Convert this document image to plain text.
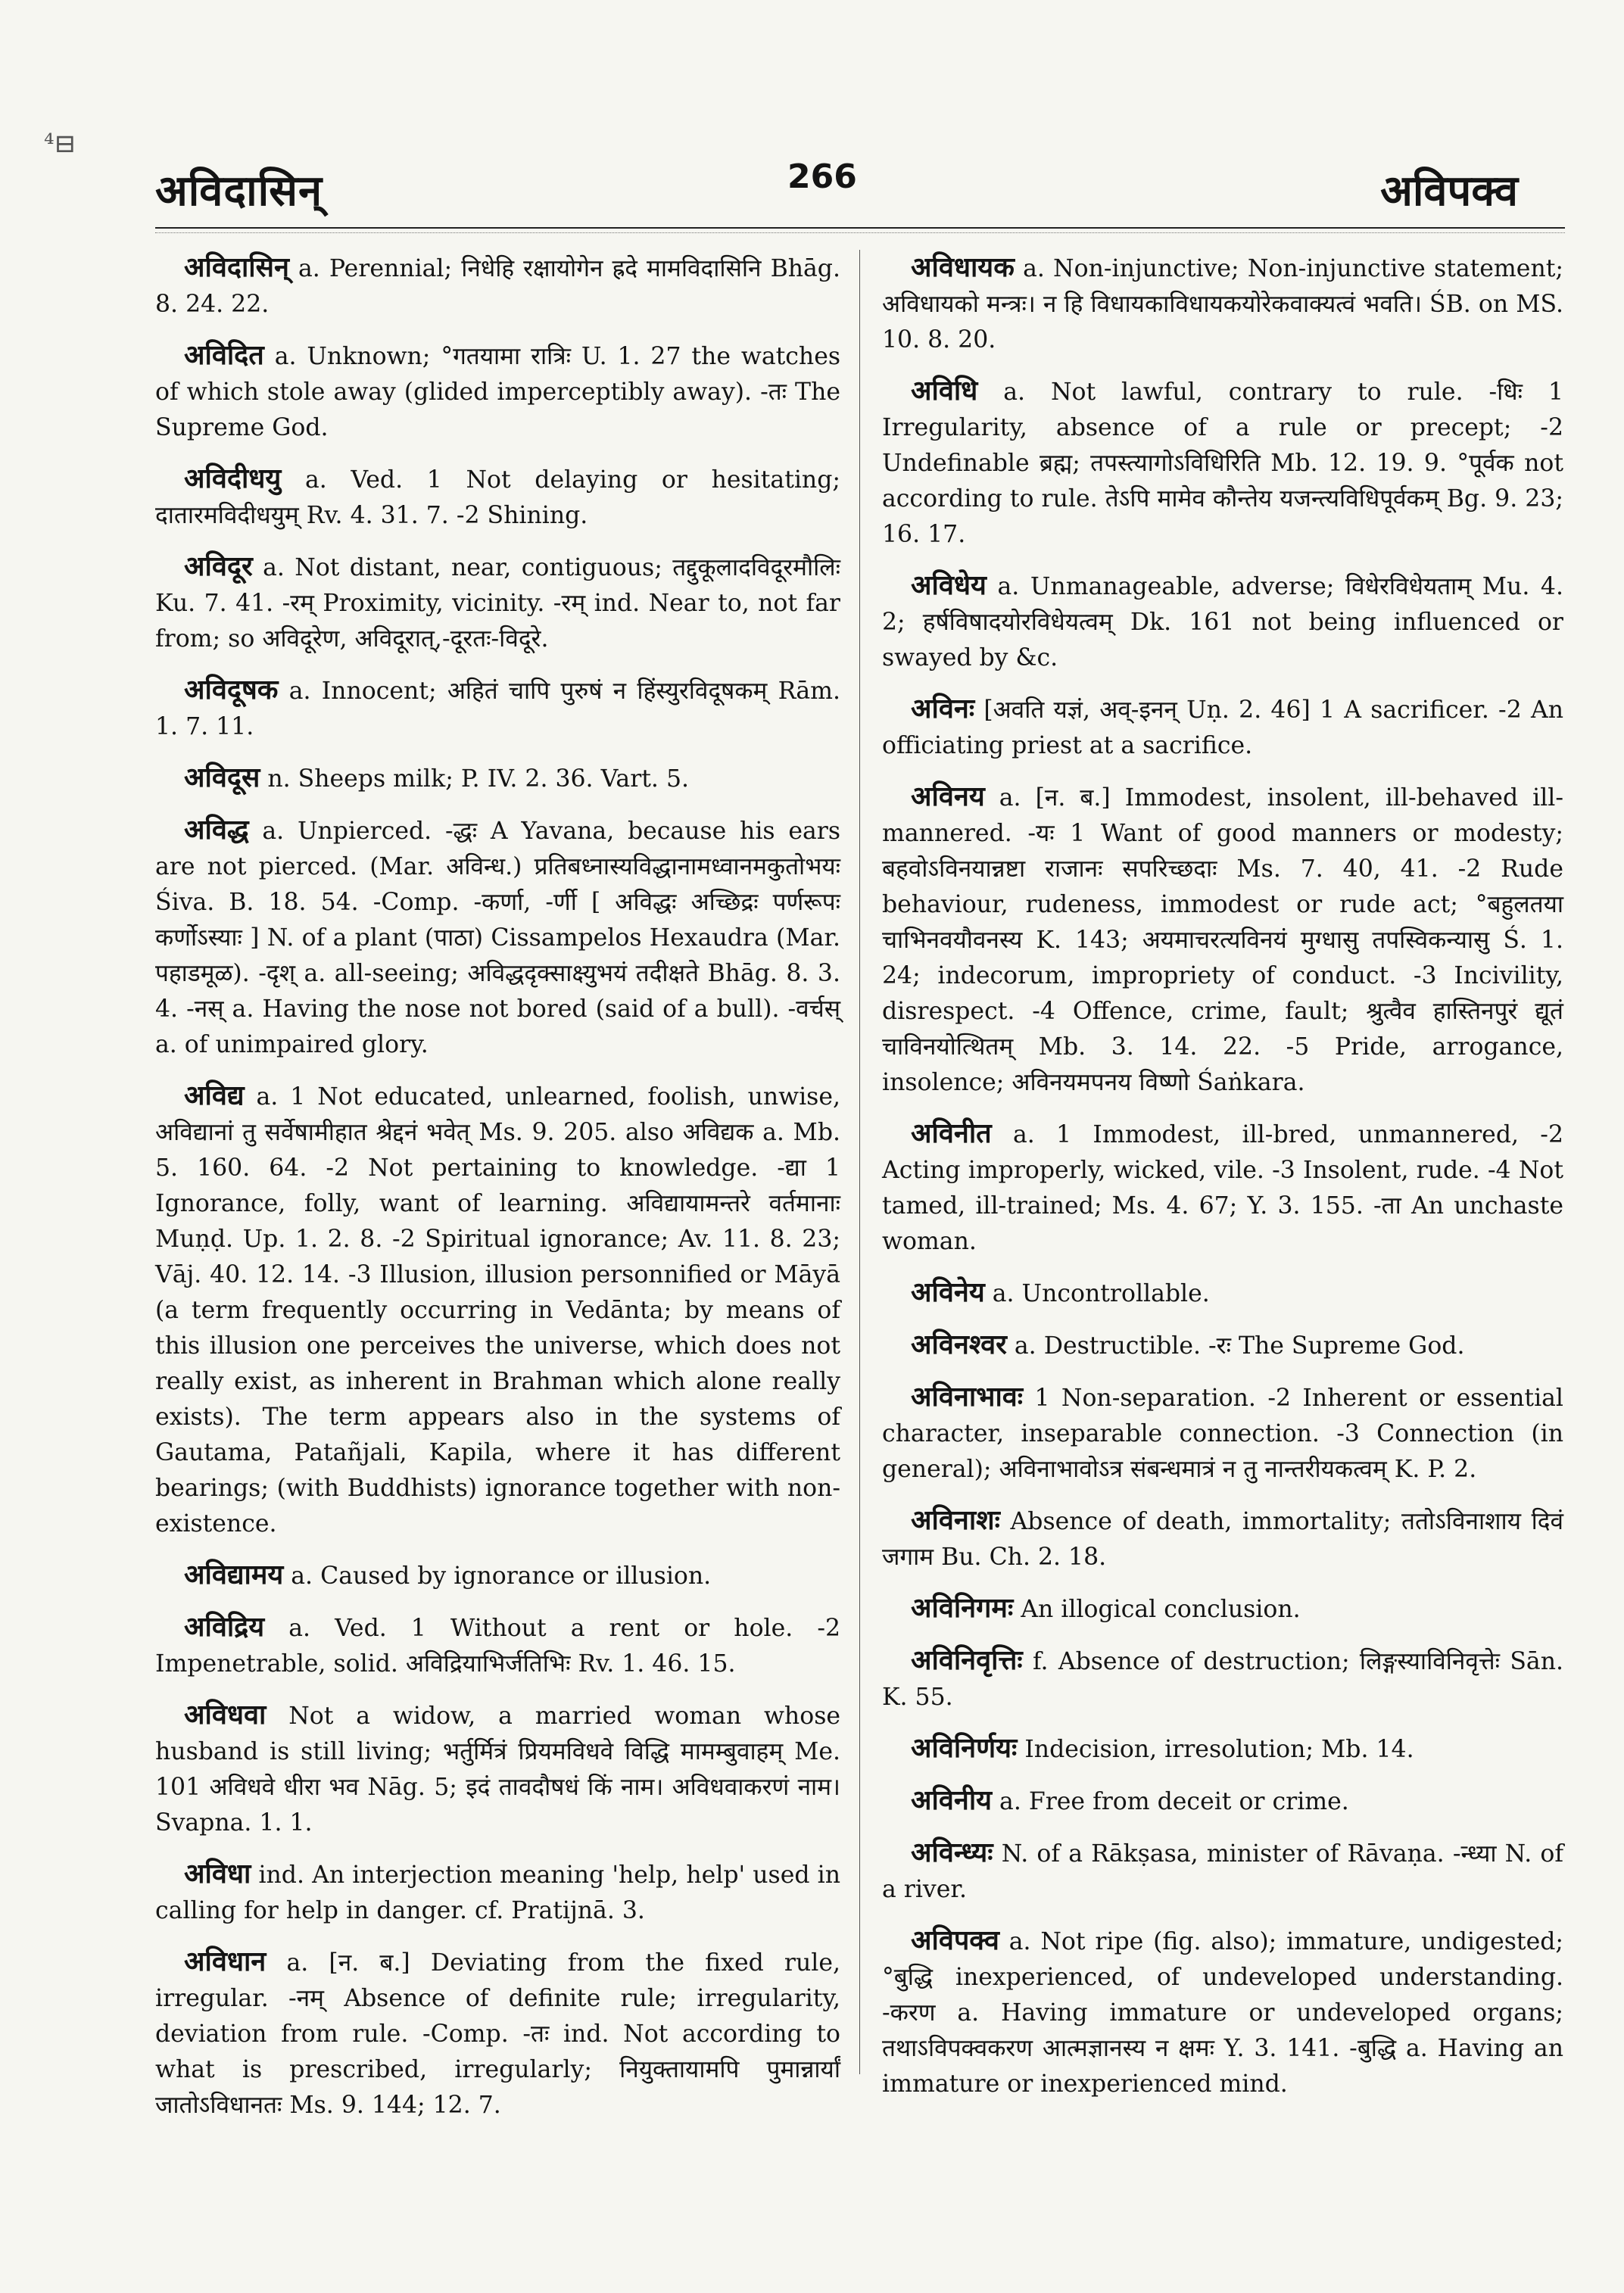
⁴⊟
अविदासिन्	266	अविपक्व

अविदासिन् a. Perennial; निधेहि रक्षायोगेन ह्रदे मामविदासिनि Bhāg. 8. 24. 22.

अविदित a. Unknown; °गतयामा रात्रिः U. 1. 27 the watches of which stole away (glided imperceptibly away). -तः The Supreme God.

अविदीधयु a. Ved. 1 Not delaying or hesitating; दातारमविदीधयुम् Rv. 4. 31. 7. -2 Shining.

अविदूर a. Not distant, near, contiguous; तद्दुकूलादविदूरमौलिः Ku. 7. 41. -रम् Proximity, vicinity. -रम् ind. Near to, not far from; so अविदूरेण, अविदूरात्,-दूरतः-विदूरे.

अविदूषक a. Innocent; अहितं चापि पुरुषं न हिंस्युरविदूषकम् Rām. 1. 7. 11.

अविदूस n. Sheeps milk; P. IV. 2. 36. Vart. 5.

अविद्ध a. Unpierced. -द्धः A Yavana, because his ears are not pierced. (Mar. अविन्ध.) प्रतिबध्नास्यविद्धानामध्वानमकुतोभयः Śiva. B. 18. 54. -Comp. -कर्णा, -र्णी [ अविद्धः अच्छिद्रः पर्णरूपः कर्णोऽस्याः ] N. of a plant (पाठा) Cissampelos Hexaudra (Mar. पहाडमूळ). -दृश् a. all-seeing; अविद्धदृक्साक्ष्युभयं तदीक्षते Bhāg. 8. 3. 4. -नस् a. Having the nose not bored (said of a bull). -वर्चस् a. of unimpaired glory.

अविद्य a. 1 Not educated, unlearned, foolish, unwise, अविद्यानां तु सर्वेषामीहात श्रेद्दनं भवेत् Ms. 9. 205. also अविद्यक a. Mb. 5. 160. 64. -2 Not pertaining to knowledge. -द्या 1 Ignorance, folly, want of learning. अविद्यायामन्तरे वर्तमानाः Muṇḍ. Up. 1. 2. 8. -2 Spiritual ignorance; Av. 11. 8. 23; Vāj. 40. 12. 14. -3 Illusion, illusion personnified or Māyā (a term frequently occurring in Vedānta; by means of this illusion one perceives the universe, which does not really exist, as inherent in Brahman which alone really exists). The term appears also in the systems of Gautama, Patañjali, Kapila, where it has different bearings; (with Buddhists) ignorance together with non-existence.

अविद्यामय a. Caused by ignorance or illusion.

अविद्रिय a. Ved. 1 Without a rent or hole. -2 Impenetrable, solid. अविद्रियाभिर्जतिभिः Rv. 1. 46. 15.

अविधवा Not a widow, a married woman whose husband is still living; भर्तुर्मित्रं प्रियमविधवे विद्धि मामम्बुवाहम् Me. 101 अविधवे धीरा भव Nāg. 5; इदं तावदौषधं किं नाम। अविधवाकरणं नाम। Svapna. 1. 1.

अविधा ind. An interjection meaning 'help, help' used in calling for help in danger. cf. Pratijnā. 3.

अविधान a. [न. ब.] Deviating from the fixed rule, irregular. -नम् Absence of definite rule; irregularity, deviation from rule. -Comp. -तः ind. Not according to what is prescribed, irregularly; नियुक्तायामपि पुमान्नार्यां जातोऽविधानतः Ms. 9. 144; 12. 7.

अविधायक a. Non-injunctive; Non-injunctive statement; अविधायको मन्त्रः। न हि विधायकाविधायकयोरेकवाक्यत्वं भवति। ŚB. on MS. 10. 8. 20.

अविधि a. Not lawful, contrary to rule. -धिः 1 Irregularity, absence of a rule or precept; -2 Undefinable ब्रह्म; तपस्त्यागोऽविधिरिति Mb. 12. 19. 9. °पूर्वक not according to rule. तेऽपि मामेव कौन्तेय यजन्त्यविधिपूर्वकम् Bg. 9. 23; 16. 17.

अविधेय a. Unmanageable, adverse; विधेरविधेयताम् Mu. 4. 2; हर्षविषादयोरविधेयत्वम् Dk. 161 not being influenced or swayed by &c.

अविनः [अवति यज्ञं, अव्-इनन् Uṇ. 2. 46] 1 A sacrificer. -2 An officiating priest at a sacrifice.

अविनय a. [न. ब.] Immodest, insolent, ill-behaved ill-mannered. -यः 1 Want of good manners or modesty; बहवोऽविनयान्नष्टा राजानः सपरिच्छदाः Ms. 7. 40, 41. -2 Rude behaviour, rudeness, immodest or rude act; °बहुलतया चाभिनवयौवनस्य K. 143; अयमाचरत्यविनयं मुग्धासु तपस्विकन्यासु Ś. 1. 24; indecorum, impropriety of conduct. -3 Incivility, disrespect. -4 Offence, crime, fault; श्रुत्वैव हास्तिनपुरं द्यूतं चाविनयोत्थितम् Mb. 3. 14. 22. -5 Pride, arrogance, insolence; अविनयमपनय विष्णो Śaṅkara.

अविनीत a. 1 Immodest, ill-bred, unmannered, -2 Acting improperly, wicked, vile. -3 Insolent, rude. -4 Not tamed, ill-trained; Ms. 4. 67; Y. 3. 155. -ता An unchaste woman.

अविनेय a. Uncontrollable.

अविनश्वर a. Destructible. -रः The Supreme God.

अविनाभावः 1 Non-separation. -2 Inherent or essential character, inseparable connection. -3 Connection (in general); अविनाभावोऽत्र संबन्धमात्रं न तु नान्तरीयकत्वम् K. P. 2.

अविनाशः Absence of death, immortality; ततोऽविनाशाय दिवं जगाम Bu. Ch. 2. 18.

अविनिगमः An illogical conclusion.

अविनिवृत्तिः f. Absence of destruction; लिङ्गस्याविनिवृत्तेः Sān. K. 55.

अविनिर्णयः Indecision, irresolution; Mb. 14.

अविनीय a. Free from deceit or crime.

अविन्ध्यः N. of a Rākṣasa, minister of Rāvaṇa. -न्ध्या N. of a river.

अविपक्व a. Not ripe (fig. also); immature, undigested; °बुद्धि inexperienced, of undeveloped understanding. -करण a. Having immature or undeveloped organs; तथाऽविपक्वकरण आत्मज्ञानस्य न क्षमः Y. 3. 141. -बुद्धि a. Having an immature or inexperienced mind.
